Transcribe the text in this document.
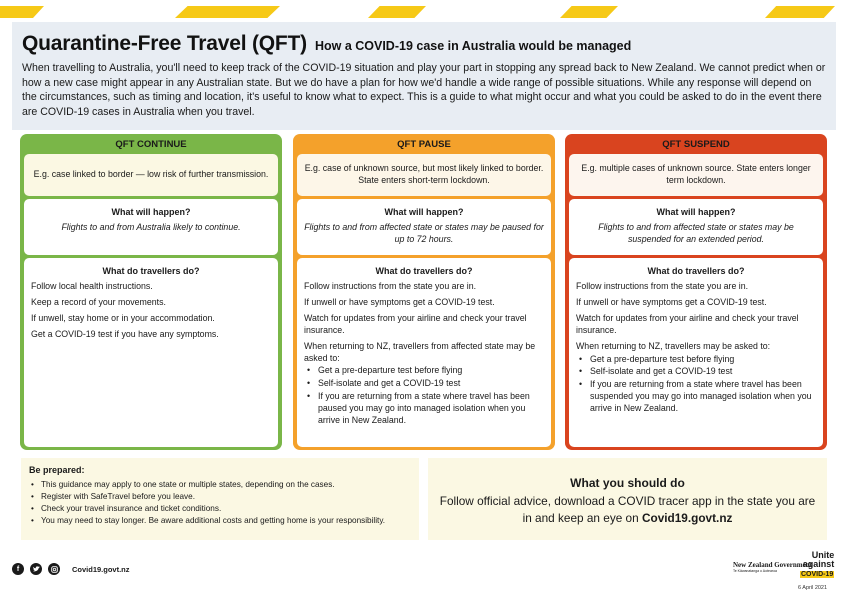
Quarantine-Free Travel (QFT) How a COVID-19 case in Australia would be managed

When travelling to Australia, you'll need to keep track of the COVID-19 situation and play your part in stopping any spread back to New Zealand. We cannot predict when or how a new case might appear in any Australian state. But we do have a plan for how we'd handle a wide range of possible situations. While any response will depend on the circumstances, such as timing and location, it's useful to know what to expect. This is a guide to what might occur and what you could be asked to do in the event there are COVID-19 cases in Australia when you travel.

QFT CONTINUE
E.g. case linked to border — low risk of further transmission.
What will happen?
Flights to and from Australia likely to continue.
What do travellers do?

Follow local health instructions.

Keep a record of your movements.

If unwell, stay home or in your accommodation.

Get a COVID-19 test if you have any symptoms.

QFT PAUSE
E.g. case of unknown source, but most likely linked to border. State enters short-term lockdown.
What will happen?
Flights to and from affected state or states may be paused for up to 72 hours.
What do travellers do?

Follow instructions from the state you are in.

If unwell or have symptoms get a COVID-19 test.

Watch for updates from your airline and check your travel insurance.

When returning to NZ, travellers from affected state may be asked to:

• Get a pre-departure test before flying
• Self-isolate and get a COVID-19 test
• If you are returning from a state where travel has been paused you may go into managed isolation when you arrive in New Zealand.
QFT SUSPEND
E.g. multiple cases of unknown source. State enters longer term lockdown.
What will happen?
Flights to and from affected state or states may be suspended for an extended period.
What do travellers do?

Follow instructions from the state you are in.

If unwell or have symptoms get a COVID-19 test.

Watch for updates from your airline and check your travel insurance.

When returning to NZ, travellers may be asked to:

• Get a pre-departure test before flying
• Self-isolate and get a COVID-19 test
• If you are returning from a state where travel has been suspended you may go into managed isolation when you arrive in New Zealand.
Be prepared:
• This guidance may apply to one state or multiple states, depending on the cases.
• Register with SafeTravel before you leave.
• Check your travel insurance and ticket conditions.
• You may need to stay longer. Be aware additional costs and getting home is your responsibility.
What you should do

Follow official advice, download a COVID tracer app in the state you are in and keep an eye on Covid19.govt.nz

f	Covid19.govt.nz	New Zealand Government
Te Kāwanatanga o Aotearoa
Unite
against
COVID-19
6 April 2021
